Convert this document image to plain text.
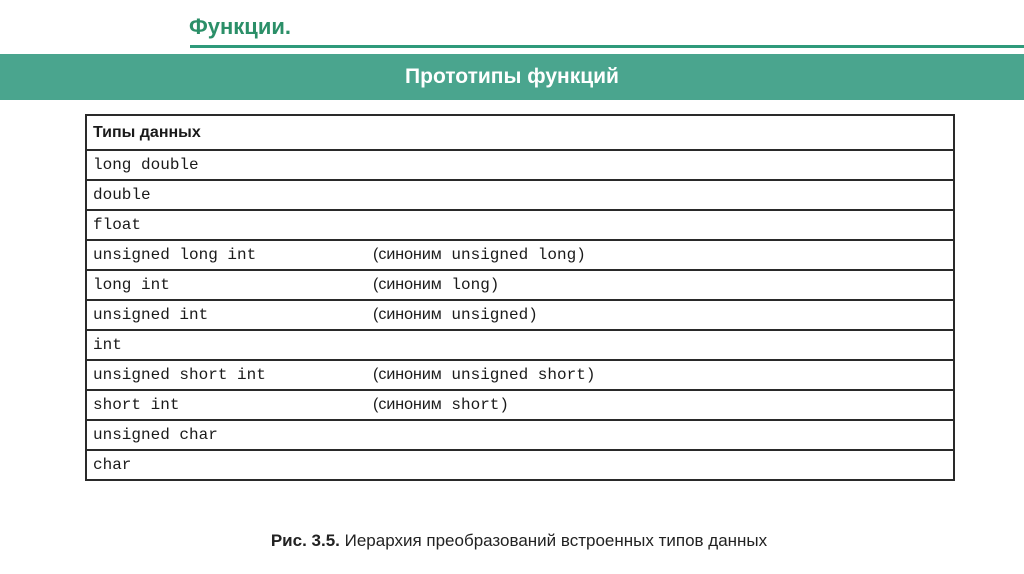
Функции.
Прототипы функций
Типы данных
long double
double
float
unsigned long int	(синоним unsigned long)
long int	(синоним long)
unsigned int	(синоним unsigned)
int
unsigned short int	(синоним unsigned short)
short int	(синоним short)
unsigned char
char
Рис. 3.5. Иерархия преобразований встроенных типов данных
